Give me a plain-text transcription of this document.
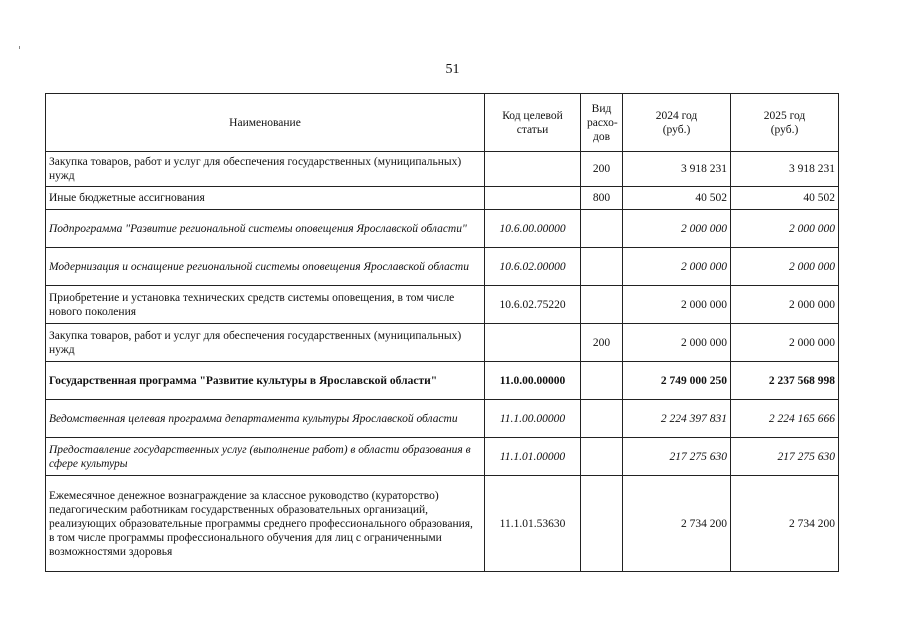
51
Наименование	Код целевой статьи	Вид расхо-дов	2024 год (руб.)	2025 год (руб.)
Закупка товаров, работ и услуг для обеспечения государственных (муниципальных) нужд		200	3 918 231	3 918 231
Иные бюджетные ассигнования		800	40 502	40 502
Подпрограмма "Развитие региональной системы оповещения Ярославской области"	10.6.00.00000		2 000 000	2 000 000
Модернизация и оснащение региональной системы оповещения Ярославской области	10.6.02.00000		2 000 000	2 000 000
Приобретение и установка технических средств системы оповещения, в том числе нового поколения	10.6.02.75220		2 000 000	2 000 000
Закупка товаров, работ и услуг для обеспечения государственных (муниципальных) нужд		200	2 000 000	2 000 000
Государственная программа "Развитие культуры в Ярославской области"	11.0.00.00000		2 749 000 250	2 237 568 998
Ведомственная целевая программа департамента культуры Ярославской области	11.1.00.00000		2 224 397 831	2 224 165 666
Предоставление государственных услуг (выполнение работ) в области образования в сфере культуры	11.1.01.00000		217 275 630	217 275 630
Ежемесячное денежное вознаграждение за классное руководство (кураторство) педагогическим работникам государственных образовательных организаций, реализующих образовательные программы среднего профессионального образования, в том числе программы профессионального обучения для лиц с ограниченными возможностями здоровья	11.1.01.53630		2 734 200	2 734 200
